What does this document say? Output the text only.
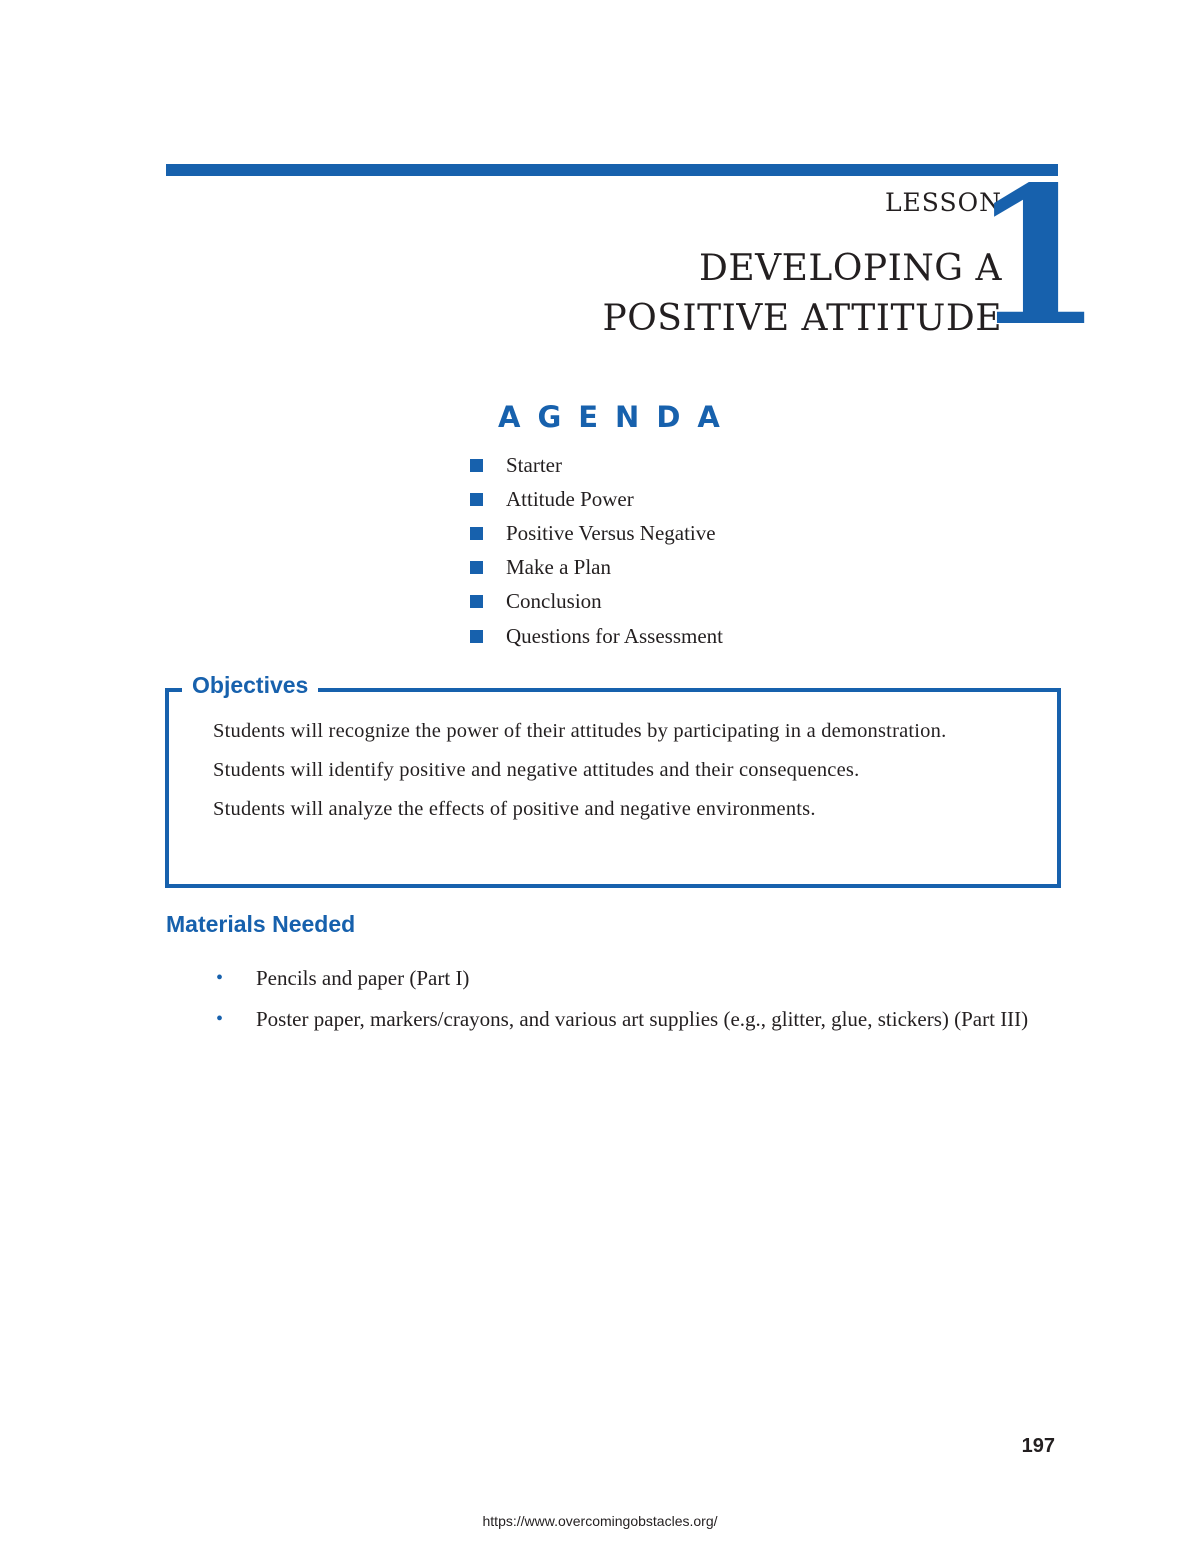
LESSON
1
DEVELOPING A
POSITIVE ATTITUDE
AGENDA
Starter
Attitude Power
Positive Versus Negative
Make a Plan
Conclusion
Questions for Assessment
Objectives

Students will recognize the power of their attitudes by participating in a demonstration.

Students will identify positive and negative attitudes and their consequences.

Students will analyze the effects of positive and negative environments.

Materials Needed
•	Pencils and paper (Part I)
•	Poster paper, markers/crayons, and various art supplies (e.g., glitter, glue, stickers) (Part III)
197
https://www.overcomingobstacles.org/
